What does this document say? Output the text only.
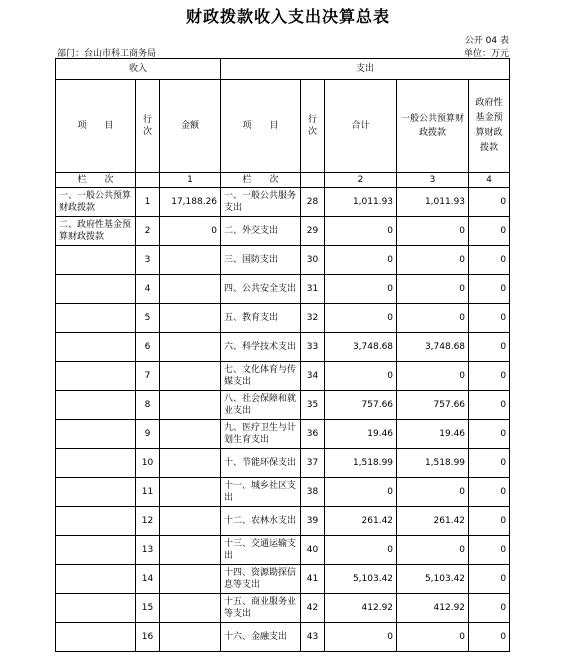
财政拨款收入支出决算总表
公开 04 表
部门：台山市科工商务局	单位：万元
收入			支出				
项　　目	行次	金额	项　　目	行次	合计	一般公共预算财政拨款	政府性基金预算财政拨款
栏　　次		1	栏　　次		2	3	4
一、一般公共预算财政拨款	1	17,188.26	一、一般公共服务支出	28	1,011.93	1,011.93	0
二、政府性基金预算财政拨款	2	0	二、外交支出	29	0	0	0
	3		三、国防支出	30	0	0	0
	4		四、公共安全支出	31	0	0	0
	5		五、教育支出	32	0	0	0
	6		六、科学技术支出	33	3,748.68	3,748.68	0
	7		七、文化体育与传媒支出	34	0	0	0
	8		八、社会保障和就业支出	35	757.66	757.66	0
	9		九、医疗卫生与计划生育支出	36	19.46	19.46	0
	10		十、节能环保支出	37	1,518.99	1,518.99	0
	11		十一、城乡社区支出	38	0	0	0
	12		十二、农林水支出	39	261.42	261.42	0
	13		十三、交通运输支出	40	0	0	0
	14		十四、资源勘探信息等支出	41	5,103.42	5,103.42	0
	15		十五、商业服务业等支出	42	412.92	412.92	0
	16		十六、金融支出	43	0	0	0
